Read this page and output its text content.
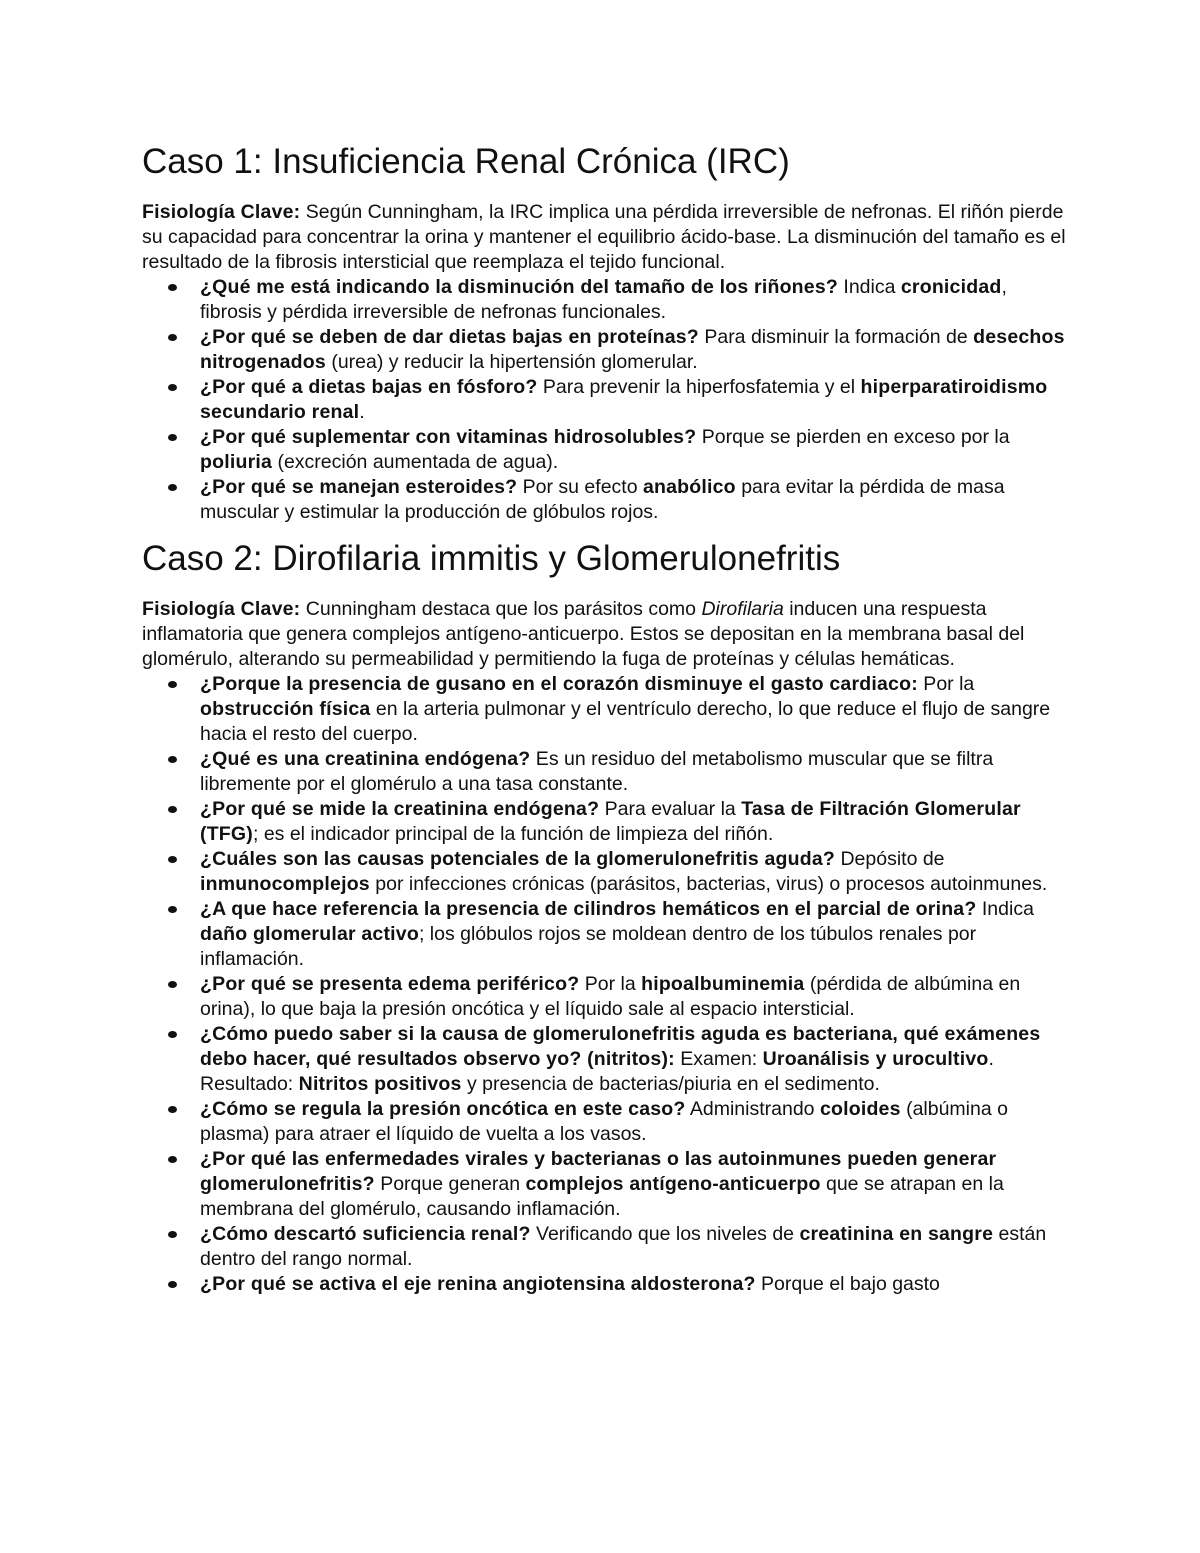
Caso 1: Insuficiencia Renal Crónica (IRC)

Fisiología Clave: Según Cunningham, la IRC implica una pérdida irreversible de nefronas. El riñón pierde su capacidad para concentrar la orina y mantener el equilibrio ácido-base. La disminución del tamaño es el resultado de la fibrosis intersticial que reemplaza el tejido funcional.

¿Qué me está indicando la disminución del tamaño de los riñones? Indica cronicidad, fibrosis y pérdida irreversible de nefronas funcionales.
¿Por qué se deben de dar dietas bajas en proteínas? Para disminuir la formación de desechos nitrogenados (urea) y reducir la hipertensión glomerular.
¿Por qué a dietas bajas en fósforo? Para prevenir la hiperfosfatemia y el hiperparatiroidismo secundario renal.
¿Por qué suplementar con vitaminas hidrosolubles? Porque se pierden en exceso por la poliuria (excreción aumentada de agua).
¿Por qué se manejan esteroides? Por su efecto anabólico para evitar la pérdida de masa muscular y estimular la producción de glóbulos rojos.
Caso 2: Dirofilaria immitis y Glomerulonefritis

Fisiología Clave: Cunningham destaca que los parásitos como Dirofilaria inducen una respuesta inflamatoria que genera complejos antígeno-anticuerpo. Estos se depositan en la membrana basal del glomérulo, alterando su permeabilidad y permitiendo la fuga de proteínas y células hemáticas.

¿Porque la presencia de gusano en el corazón disminuye el gasto cardiaco: Por la obstrucción física en la arteria pulmonar y el ventrículo derecho, lo que reduce el flujo de sangre hacia el resto del cuerpo.
¿Qué es una creatinina endógena? Es un residuo del metabolismo muscular que se filtra libremente por el glomérulo a una tasa constante.
¿Por qué se mide la creatinina endógena? Para evaluar la Tasa de Filtración Glomerular (TFG); es el indicador principal de la función de limpieza del riñón.
¿Cuáles son las causas potenciales de la glomerulonefritis aguda? Depósito de inmunocomplejos por infecciones crónicas (parásitos, bacterias, virus) o procesos autoinmunes.
¿A que hace referencia la presencia de cilindros hemáticos en el parcial de orina? Indica daño glomerular activo; los glóbulos rojos se moldean dentro de los túbulos renales por inflamación.
¿Por qué se presenta edema periférico? Por la hipoalbuminemia (pérdida de albúmina en orina), lo que baja la presión oncótica y el líquido sale al espacio intersticial.
¿Cómo puedo saber si la causa de glomerulonefritis aguda es bacteriana, qué exámenes debo hacer, qué resultados observo yo? (nitritos): Examen: Uroanálisis y urocultivo. Resultado: Nitritos positivos y presencia de bacterias/piuria en el sedimento.
¿Cómo se regula la presión oncótica en este caso? Administrando coloides (albúmina o plasma) para atraer el líquido de vuelta a los vasos.
¿Por qué las enfermedades virales y bacterianas o las autoinmunes pueden generar glomerulonefritis? Porque generan complejos antígeno-anticuerpo que se atrapan en la membrana del glomérulo, causando inflamación.
¿Cómo descartó suficiencia renal? Verificando que los niveles de creatinina en sangre están dentro del rango normal.
¿Por qué se activa el eje renina angiotensina aldosterona? Porque el bajo gasto
